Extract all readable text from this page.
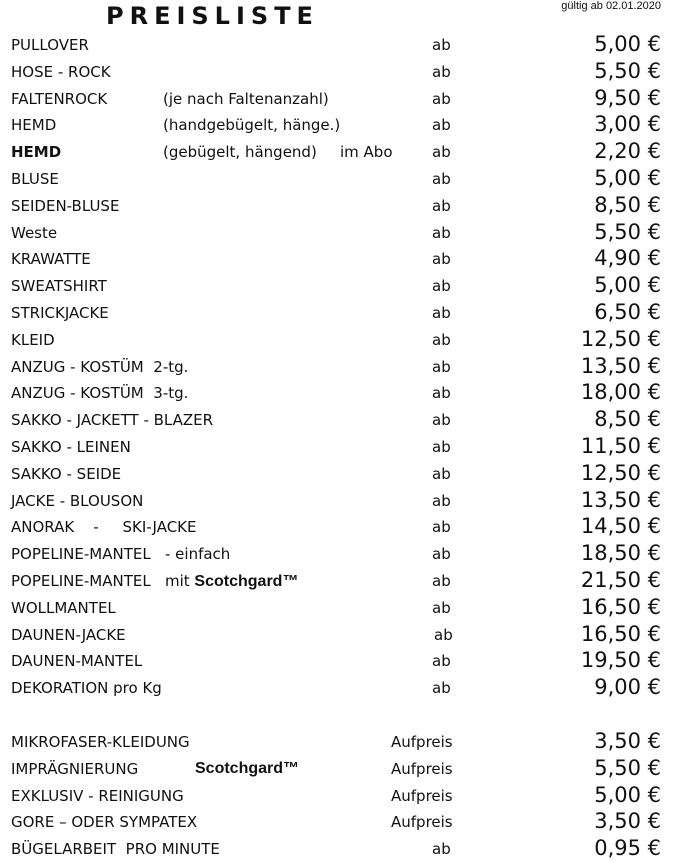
PREISLISTE	gültig ab 02.01.2020
PULLOVER	ab	5,00 €
HOSE - ROCK	ab	5,50 €
FALTENROCK	(je nach Faltenanzahl)	ab	9,50 €
HEMD	(handgebügelt, hänge.)	ab	3,00 €
HEMD	(gebügelt, hängend) im Abo	ab	2,20 €
BLUSE	ab	5,00 €
SEIDEN-BLUSE	ab	8,50 €
Weste	ab	5,50 €
KRAWATTE	ab	4,90 €
SWEATSHIRT	ab	5,00 €
STRICKJACKE	ab	6,50 €
KLEID	ab	12,50 €
ANZUG - KOSTÜM  2-tg.	ab	13,50 €
ANZUG - KOSTÜM  3-tg.	ab	18,00 €
SAKKO - JACKETT - BLAZER	ab	8,50 €
SAKKO - LEINEN	ab	11,50 €
SAKKO - SEIDE	ab	12,50 €
JACKE - BLOUSON	ab	13,50 €
ANORAK    -     SKI-JACKE	ab	14,50 €
POPELINE-MANTEL   - einfach	ab	18,50 €
POPELINE-MANTEL   mit Scotchgard™	ab	21,50 €
WOLLMANTEL	ab	16,50 €
DAUNEN-JACKE	ab	16,50 €
DAUNEN-MANTEL	ab	19,50 €
DEKORATION pro Kg	ab	9,00 €
MIKROFASER-KLEIDUNG	Aufpreis	3,50 €
IMPRÄGNIERUNG	Scotchgard™	Aufpreis	5,50 €
EXKLUSIV - REINIGUNG	Aufpreis	5,00 €
GORE – ODER SYMPATEX	Aufpreis	3,50 €
BÜGELARBEIT  PRO MINUTE	ab	0,95 €
